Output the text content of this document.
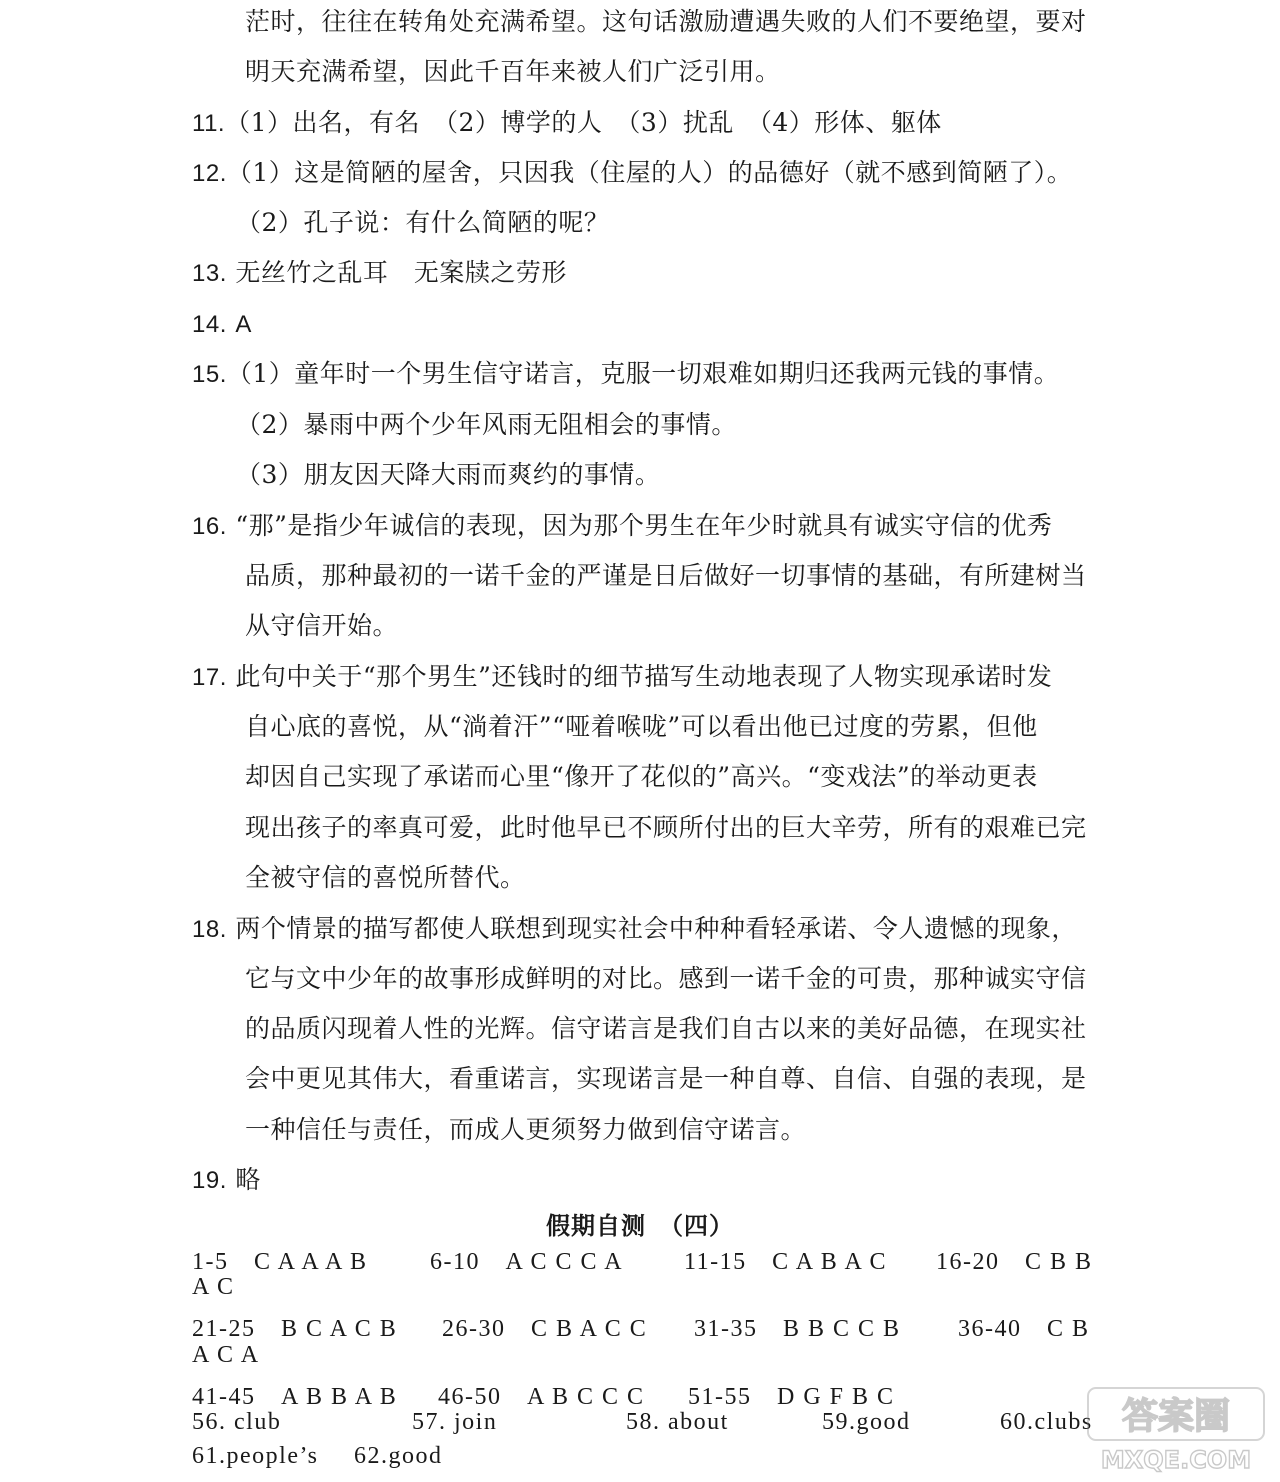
茫时，往往在转角处充满希望。这句话激励遭遇失败的人们不要绝望，要对
明天充满希望，因此千百年来被人们广泛引用。
11.（1）出名，有名　（2）博学的人　（3）扰乱　（4）形体、躯体
12.（1）这是简陋的屋舍，只因我（住屋的人）的品德好（就不感到简陋了）。
（2）孔子说：有什么简陋的呢？
13. 无丝竹之乱耳　无案牍之劳形
14. A
15.（1）童年时一个男生信守诺言，克服一切艰难如期归还我两元钱的事情。
（2）暴雨中两个少年风雨无阻相会的事情。
（3）朋友因天降大雨而爽约的事情。
16. “那”是指少年诚信的表现，因为那个男生在年少时就具有诚实守信的优秀
品质，那种最初的一诺千金的严谨是日后做好一切事情的基础，有所建树当
从守信开始。
17. 此句中关于“那个男生”还钱时的细节描写生动地表现了人物实现承诺时发
自心底的喜悦，从“淌着汗”“哑着喉咙”可以看出他已过度的劳累，但他
却因自己实现了承诺而心里“像开了花似的”高兴。“变戏法”的举动更表
现出孩子的率真可爱，此时他早已不顾所付出的巨大辛劳，所有的艰难已完
全被守信的喜悦所替代。
18. 两个情景的描写都使人联想到现实社会中种种看轻承诺、令人遗憾的现象，
它与文中少年的故事形成鲜明的对比。感到一诺千金的可贵，那种诚实守信
的品质闪现着人性的光辉。信守诺言是我们自古以来的美好品德，在现实社
会中更见其伟大，看重诺言，实现诺言是一种自尊、自信、自强的表现，是
一种信任与责任，而成人更须努力做到信守诺言。
19. 略
假期自测　（四）
1-5　C A A A B	6-10　A C C C A	11-15　C A B A C 16-20　C B B
A C
21-25　B C A C B 26-30　C B A C C 31-35　B B C C B 36-40　C B
A C A
41-45　A B B A B 46-50　A B C C C 51-55　D G F B C
56. club	57. join	58. about	59.good	60.clubs
61.people’s 62.good
答案圈
MXQE.COM
